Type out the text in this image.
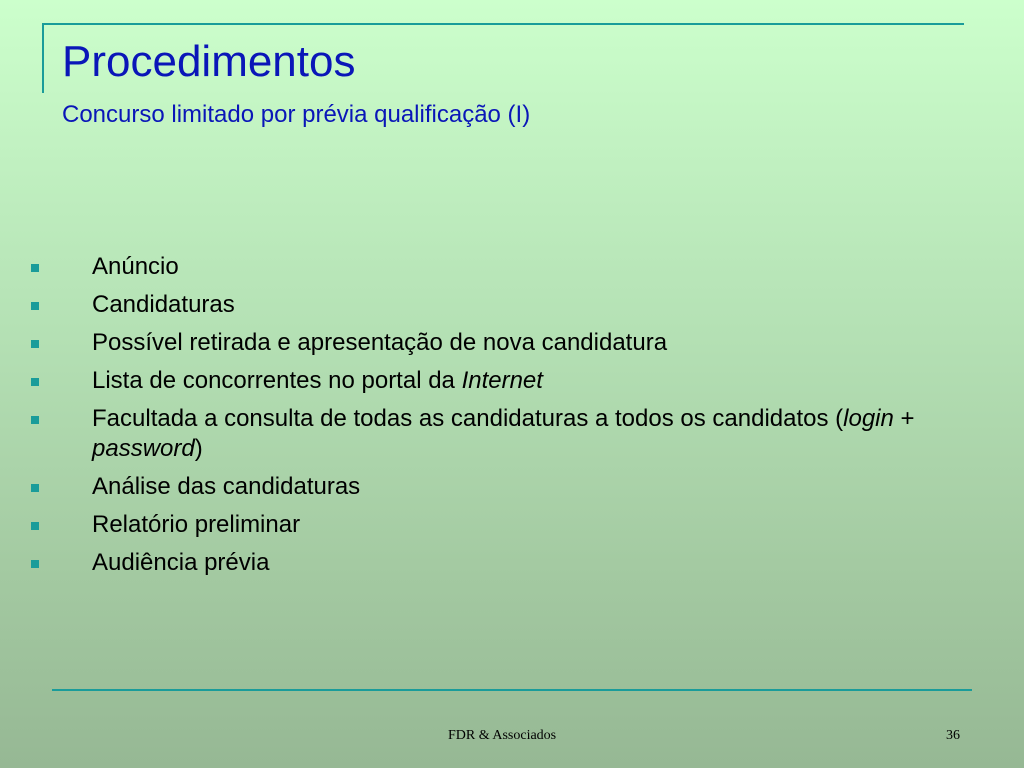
Procedimentos
Concurso limitado por prévia qualificação (I)
Anúncio
Candidaturas
Possível retirada e apresentação de nova candidatura
Lista de concorrentes no portal da Internet
Facultada a consulta de todas as candidaturas a todos os candidatos (login + password)
Análise das candidaturas
Relatório preliminar
Audiência prévia

FDR & Associados	36
